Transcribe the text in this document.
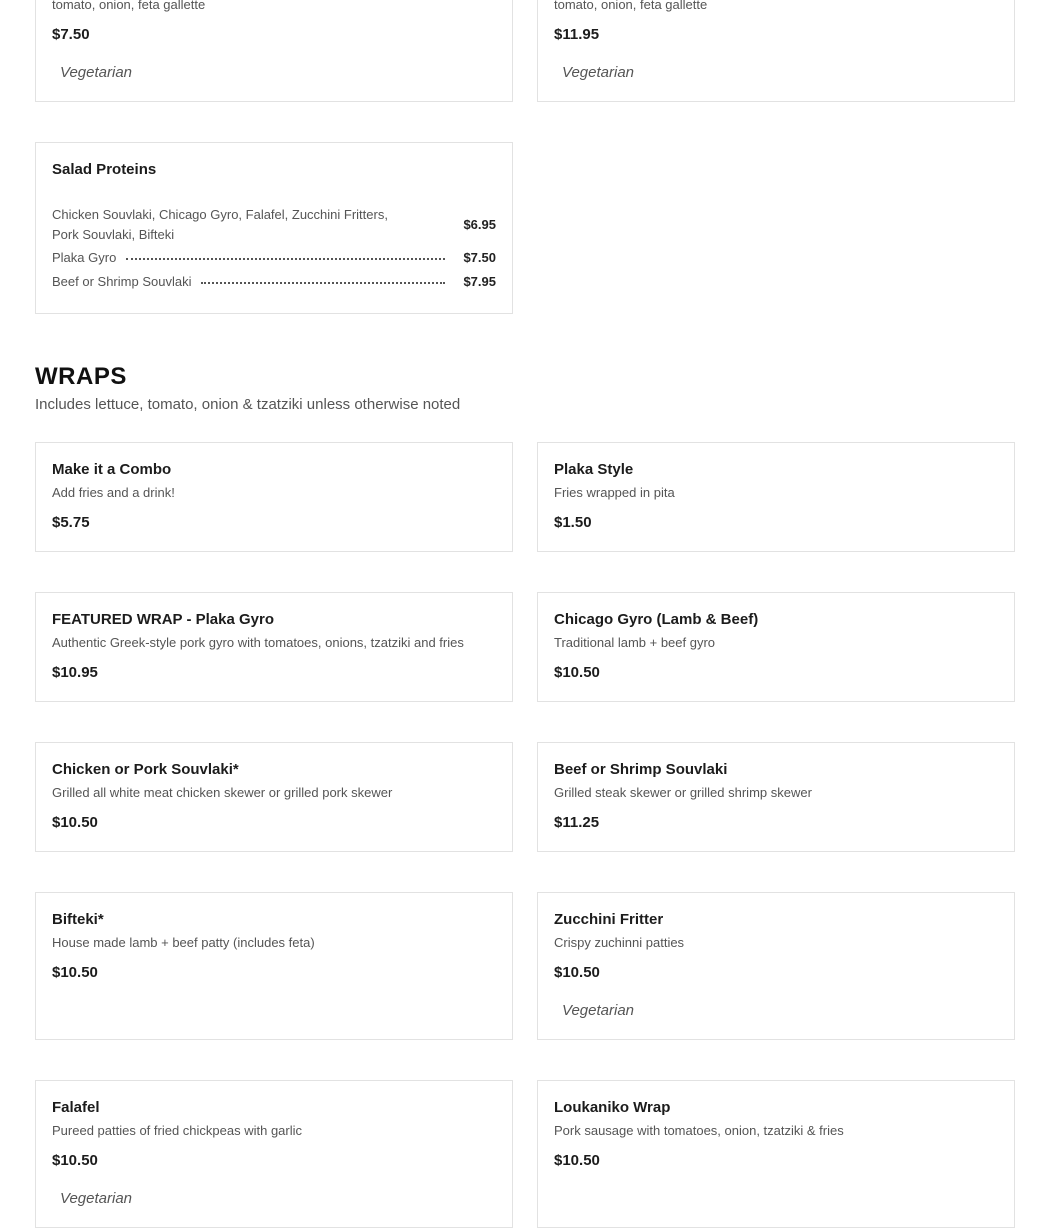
tomato, onion, feta gallette
$7.50
Vegetarian
tomato, onion, feta gallette
$11.95
Vegetarian
Salad Proteins
Chicken Souvlaki, Chicago Gyro, Falafel, Zucchini Fritters, Pork Souvlaki, Bifteki
$6.95
Plaka Gyro	$7.50
Beef or Shrimp Souvlaki	$7.95
WRAPS
Includes lettuce, tomato, onion & tzatziki unless otherwise noted
Make it a Combo
Add fries and a drink!
$5.75
Plaka Style
Fries wrapped in pita
$1.50
FEATURED WRAP - Plaka Gyro
Authentic Greek-style pork gyro with tomatoes, onions, tzatziki and fries
$10.95
Chicago Gyro (Lamb & Beef)
Traditional lamb + beef gyro
$10.50
Chicken or Pork Souvlaki*
Grilled all white meat chicken skewer or grilled pork skewer
$10.50
Beef or Shrimp Souvlaki
Grilled steak skewer or grilled shrimp skewer
$11.25
Bifteki*
House made lamb + beef patty (includes feta)
$10.50
Zucchini Fritter
Crispy zuchinni patties
$10.50
Vegetarian
Falafel
Pureed patties of fried chickpeas with garlic
$10.50
Vegetarian
Loukaniko Wrap
Pork sausage with tomatoes, onion, tzatziki & fries
$10.50
